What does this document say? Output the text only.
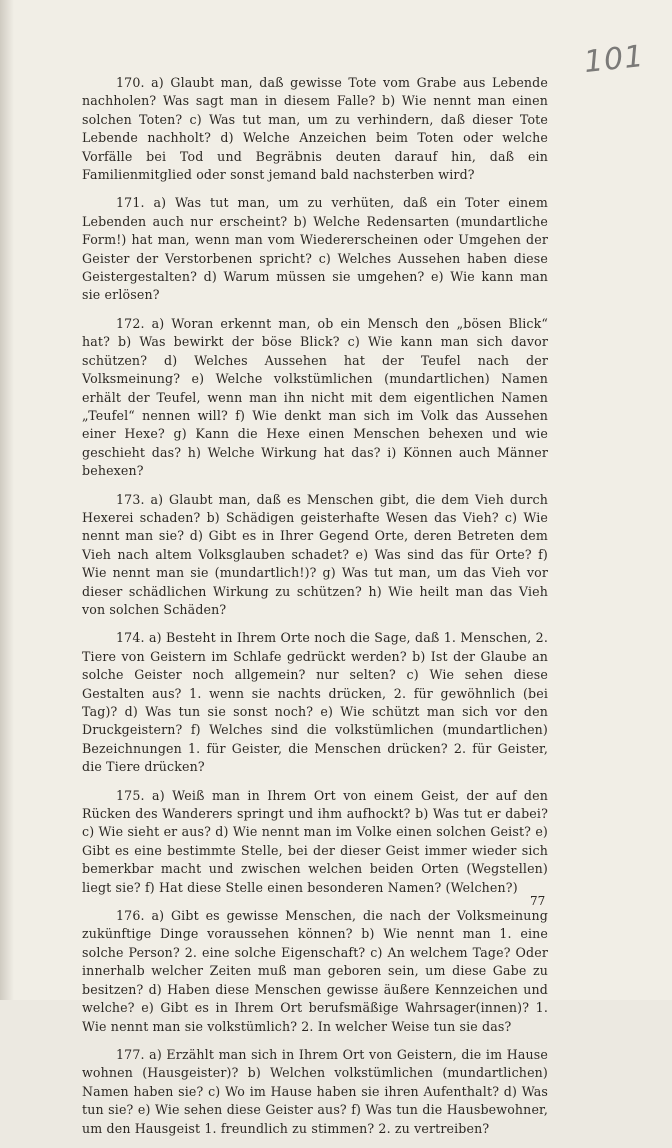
101

170. a) Glaubt man, daß gewisse Tote vom Grabe aus Lebende nachholen? Was sagt man in diesem Falle? b) Wie nennt man einen solchen Toten? c) Was tut man, um zu verhindern, daß dieser Tote Lebende nachholt? d) Welche Anzeichen beim Toten oder welche Vorfälle bei Tod und Begräbnis deuten darauf hin, daß ein Familienmitglied oder sonst jemand bald nachsterben wird?

171. a) Was tut man, um zu verhüten, daß ein Toter einem Lebenden auch nur erscheint? b) Welche Redensarten (mundartliche Form!) hat man, wenn man vom Wiedererscheinen oder Umgehen der Geister der Verstorbenen spricht? c) Welches Aussehen haben diese Geistergestalten? d) Warum müssen sie umgehen? e) Wie kann man sie erlösen?

172. a) Woran erkennt man, ob ein Mensch den „bösen Blick“ hat? b) Was bewirkt der böse Blick? c) Wie kann man sich davor schützen? d) Welches Aussehen hat der Teufel nach der Volksmeinung? e) Welche volkstümlichen (mundartlichen) Namen erhält der Teufel, wenn man ihn nicht mit dem eigentlichen Namen „Teufel“ nennen will? f) Wie denkt man sich im Volk das Aussehen einer Hexe? g) Kann die Hexe einen Menschen behexen und wie geschieht das? h) Welche Wirkung hat das? i) Können auch Männer behexen?

173. a) Glaubt man, daß es Menschen gibt, die dem Vieh durch Hexerei schaden? b) Schädigen geisterhafte Wesen das Vieh? c) Wie nennt man sie? d) Gibt es in Ihrer Gegend Orte, deren Betreten dem Vieh nach altem Volksglauben schadet? e) Was sind das für Orte? f) Wie nennt man sie (mundartlich!)? g) Was tut man, um das Vieh vor dieser schädlichen Wirkung zu schützen? h) Wie heilt man das Vieh von solchen Schäden?

174. a) Besteht in Ihrem Orte noch die Sage, daß 1. Menschen, 2. Tiere von Geistern im Schlafe gedrückt werden? b) Ist der Glaube an solche Geister noch allgemein? nur selten? c) Wie sehen diese Gestalten aus? 1. wenn sie nachts drücken, 2. für gewöhnlich (bei Tag)? d) Was tun sie sonst noch? e) Wie schützt man sich vor den Druckgeistern? f) Welches sind die volkstümlichen (mundartlichen) Bezeichnungen 1. für Geister, die Menschen drücken? 2. für Geister, die Tiere drücken?

175. a) Weiß man in Ihrem Ort von einem Geist, der auf den Rücken des Wanderers springt und ihm aufhockt? b) Was tut er dabei? c) Wie sieht er aus? d) Wie nennt man im Volke einen solchen Geist? e) Gibt es eine bestimmte Stelle, bei der dieser Geist immer wieder sich bemerkbar macht und zwischen welchen beiden Orten (Wegstellen) liegt sie? f) Hat diese Stelle einen besonderen Namen? (Welchen?)

176. a) Gibt es gewisse Menschen, die nach der Volksmeinung zukünftige Dinge voraussehen können? b) Wie nennt man 1. eine solche Person? 2. eine solche Eigenschaft? c) An welchem Tage? Oder innerhalb welcher Zeiten muß man geboren sein, um diese Gabe zu besitzen? d) Haben diese Menschen gewisse äußere Kennzeichen und welche? e) Gibt es in Ihrem Ort berufsmäßige Wahrsager(innen)? 1. Wie nennt man sie volkstümlich? 2. In welcher Weise tun sie das?

177. a) Erzählt man sich in Ihrem Ort von Geistern, die im Hause wohnen (Hausgeister)? b) Welchen volkstümlichen (mundartlichen) Namen haben sie? c) Wo im Hause haben sie ihren Aufenthalt? d) Was tun sie? e) Wie sehen diese Geister aus? f) Was tun die Hausbewohner, um den Hausgeist 1. freundlich zu stimmen? 2. zu vertreiben?

77
